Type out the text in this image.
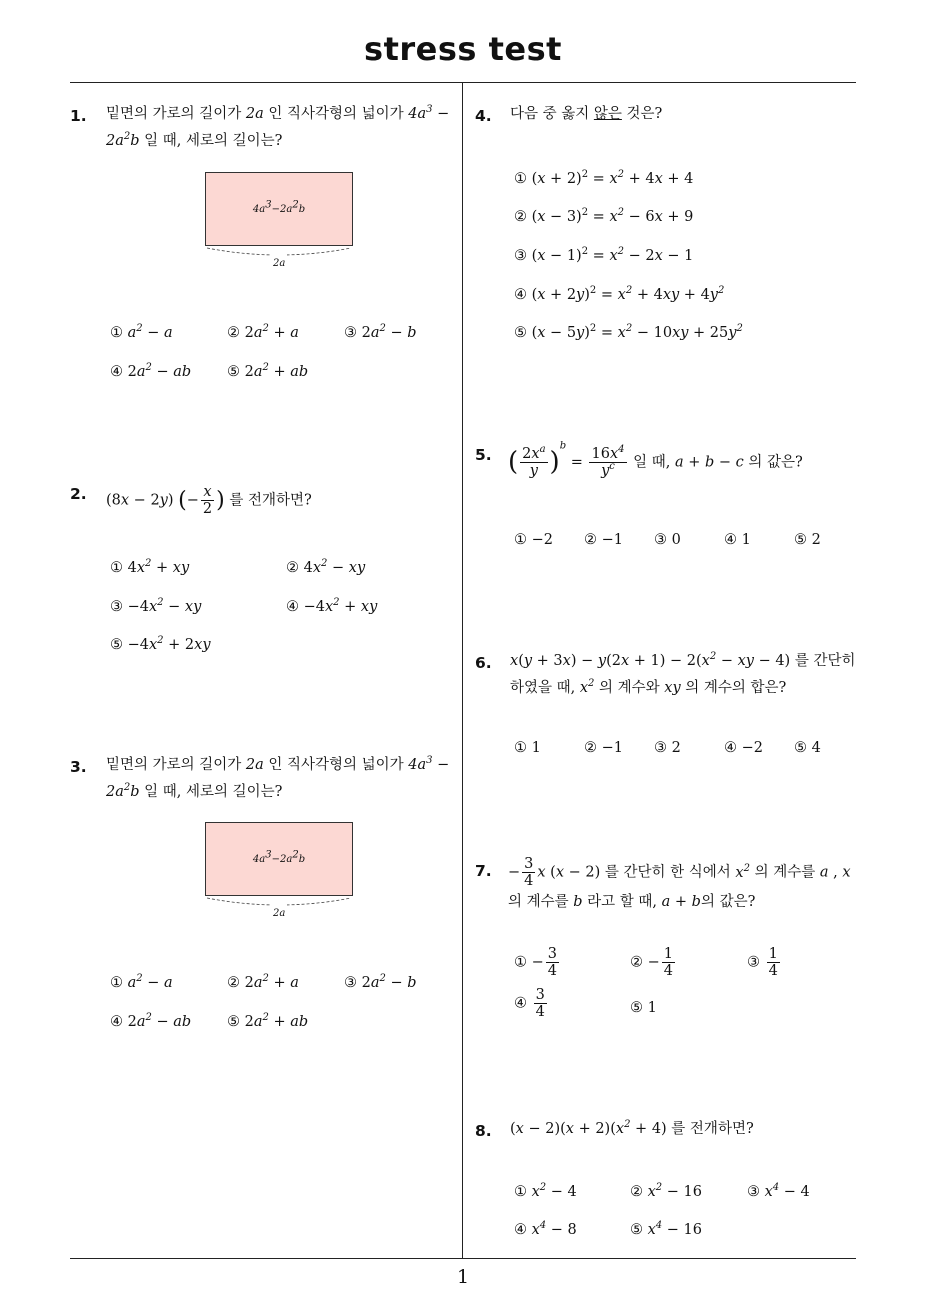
stress test
1
1. 밑면의 가로의 길이가 2a 인 직사각형의 넓이가 $4a^3$ −
$2a^2b$ 일 때, 세로의 길이는?
$4a^3-2a^2b$
2a
① $a^2 - a$	② $2a^2 + a$	③ $2a^2 - b$
④ $2a^2$ − ab ⑤ $2a^2$ + ab
2. (8x − 2y) (− $\frac{x}{2}$ ) 를 전개하면?
① $4x^2$ + xy	② $4x^2$ − xy
③ $-4x^2$ − xy	④ $-4x^2$ + xy
⑤ $-4x^2 + 2xy$
3. 밑면의 가로의 길이가 2a 인 직사각형의 넓이가 $4a^3$ −
$2a^2b$ 일 때, 세로의 길이는?
$4a^3-2a^2b$
2a
① $a^2 - a$	② $2a^2 + a$	③ $2a^2 - b$
④ $2a^2$ − ab ⑤ $2a^2$ + ab
4. 다음 중 옳지 않은 것은?
① $(x + 2)^2 = x^2 + 4x + 4$
② $(x - 3)^2 = x^2 - 6x + 9$
③ $(x - 1)^2 = x^2 - 2x - 1$
④ $(x + 2y)^2 = x^2 + 4xy + 4y^2$
⑤ $(x - 5y)^2 = x^2 - 10xy + 25y^2$
5. ( $\frac{2x^a}{y} )^b = \frac{16x^4}{y^c}$ 일 때, a + b − c 의 값은?
① −2 ② −1 ③ 0	④ 1	⑤ 2
6. $x(y + 3x) - y(2x + 1) - 2(x^2$ − xy − 4) 를 간단히
하였을 때, $x^2$ 의 계수와 xy 의 계수의 합은?
① 1	② −1 ③ 2	④ −2 ⑤ 4
7. − $\frac{3}{4}$ x (x − 2) 를 간단히 한 식에서 $x^2$ 의 계수를 a , x
의 계수를 b 라고 할 때, a + b의 값은?
① − $\frac{3}{4}$	② − $\frac{1}{4}$	③ $\frac{1}{4}$
④ $\frac{3}{4}$	⑤ 1
8. $(x - 2)(x + 2)(x^2 + 4)$ 를 전개하면?
① $x^2 - 4$	② $x^2 - 16$	③ $x^4 - 4$
④ $x^4 - 8$	⑤ $x^4 - 16$
